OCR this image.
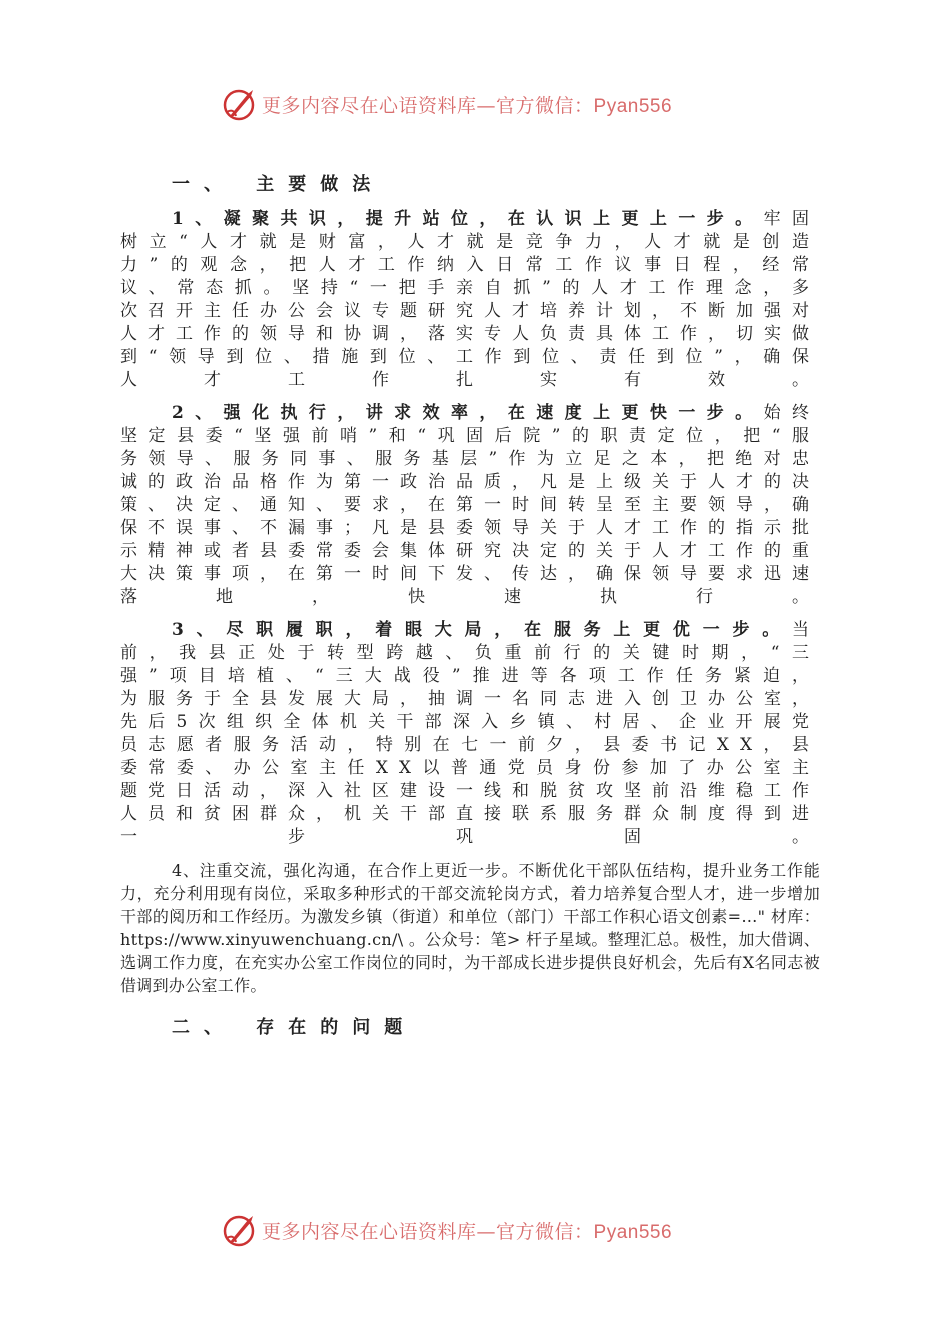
更多内容尽在心语资料库—官方微信：Pyan556
一、 主要做法
1、凝聚共识，提升站位，在认识上更上一步。牢固树立“人才就是财富，人才就是竞争力，人才就是创造力”的观念，把人才工作纳入日常工作议事日程，经常议、常态抓。坚持“一把手亲自抓”的人才工作理念，多次召开主任办公会议专题研究人才培养计划，不断加强对人才工作的领导和协调，落实专人负责具体工作，切实做到“领导到位、措施到位、工作到位、责任到位”，确保人才工作扎实有效。
2、强化执行，讲求效率，在速度上更快一步。始终坚定县委“坚强前哨”和“巩固后院”的职责定位，把“服务领导、服务同事、服务基层”作为立足之本，把绝对忠诚的政治品格作为第一政治品质，凡是上级关于人才的决策、决定、通知、要求，在第一时间转呈至主要领导，确保不误事、不漏事；凡是县委领导关于人才工作的指示批示精神或者县委常委会集体研究决定的关于人才工作的重大决策事项，在第一时间下发、传达，确保领导要求迅速落地，快速执行。
3、尽职履职，着眼大局，在服务上更优一步。当前，我县正处于转型跨越、负重前行的关键时期，“三强”项目培植、“三大战役”推进等各项工作任务紧迫，为服务于全县发展大局，抽调一名同志进入创卫办公室，先后5次组织全体机关干部深入乡镇、村居、企业开展党员志愿者服务活动，特别在七一前夕，县委书记XX，县委常委、办公室主任XX以普通党员身份参加了办公室主题党日活动，深入社区建设一线和脱贫攻坚前沿维稳工作人员和贫困群众，机关干部直接联系服务群众制度得到进一步巩固。
4、注重交流，强化沟通，在合作上更近一步。不断优化干部队伍结构，提升业务工作能力，充分利用现有岗位，采取多种形式的干部交流轮岗方式，着力培养复合型人才，进一步增加干部的阅历和工作经历。为激发乡镇（街道）和单位（部门）干部工作积心语文创素=…" 材库：https://www.xinyuwenchuang.cn/\ 。公众号：笔> 杆子星域。整理汇总。极性，加大借调、选调工作力度，在充实办公室工作岗位的同时，为干部成长进步提供良好机会，先后有X名同志被借调到办公室工作。
二、 存在的问题
更多内容尽在心语资料库—官方微信：Pyan556
